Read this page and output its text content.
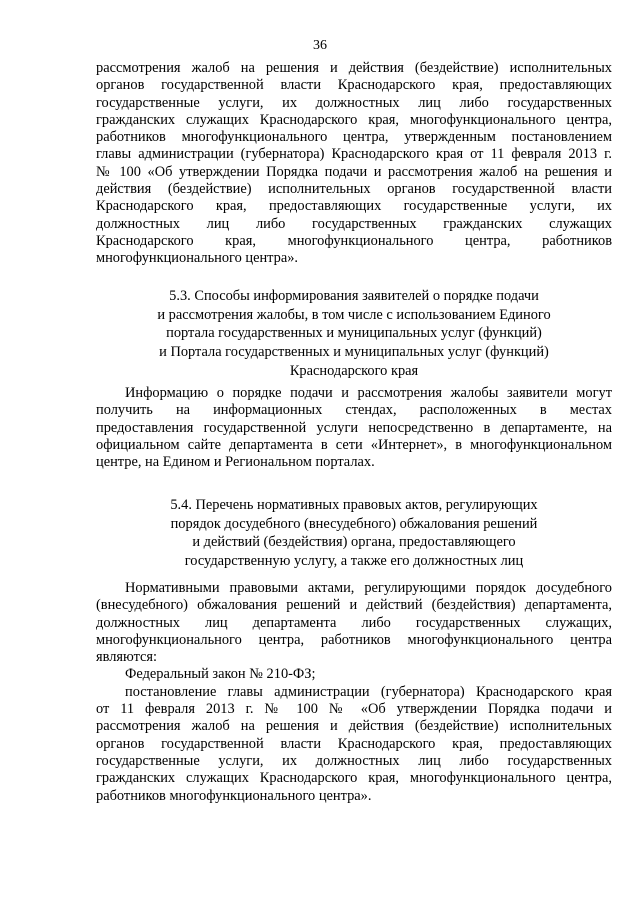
36
рассмотрения жалоб на решения и действия (бездействие) исполнительных
органов государственной власти Краснодарского края, предоставляющих
государственные услуги, их должностных лиц либо государственных
гражданских служащих Краснодарского края, многофункционального центра,
работников многофункционального центра, утвержденным постановлением
главы администрации (губернатора) Краснодарского края от 11 февраля 2013 г.
№ 100 «Об утверждении Порядка подачи и рассмотрения жалоб на решения и
действия (бездействие) исполнительных органов государственной власти
Краснодарского края, предоставляющих государственные услуги, их
должностных лиц либо государственных гражданских служащих
Краснодарского края, многофункционального центра, работников
многофункционального центра».
5.3. Способы информирования заявителей о порядке подачи
и рассмотрения жалобы, в том числе с использованием Единого
портала государственных и муниципальных услуг (функций)
и Портала государственных и муниципальных услуг (функций)
Краснодарского края
Информацию о порядке подачи и рассмотрения жалобы заявители могут
получить на информационных стендах, расположенных в местах
предоставления государственной услуги непосредственно в департаменте, на
официальном сайте департамента в сети «Интернет», в многофункциональном
центре, на Едином и Региональном порталах.
5.4. Перечень нормативных правовых актов, регулирующих
порядок досудебного (внесудебного) обжалования решений
и действий (бездействия) органа, предоставляющего
государственную услугу, а также его должностных лиц
Нормативными правовыми актами, регулирующими порядок досудебного
(внесудебного) обжалования решений и действий (бездействия) департамента,
должностных лиц департамента либо государственных служащих,
многофункционального центра, работников многофункционального центра
являются:
Федеральный закон № 210-ФЗ;
постановление главы администрации (губернатора) Краснодарского края
от 11 февраля 2013 г. № 100 № «Об утверждении Порядка подачи и
рассмотрения жалоб на решения и действия (бездействие) исполнительных
органов государственной власти Краснодарского края, предоставляющих
государственные услуги, их должностных лиц либо государственных
гражданских служащих Краснодарского края, многофункционального центра,
работников многофункционального центра».
